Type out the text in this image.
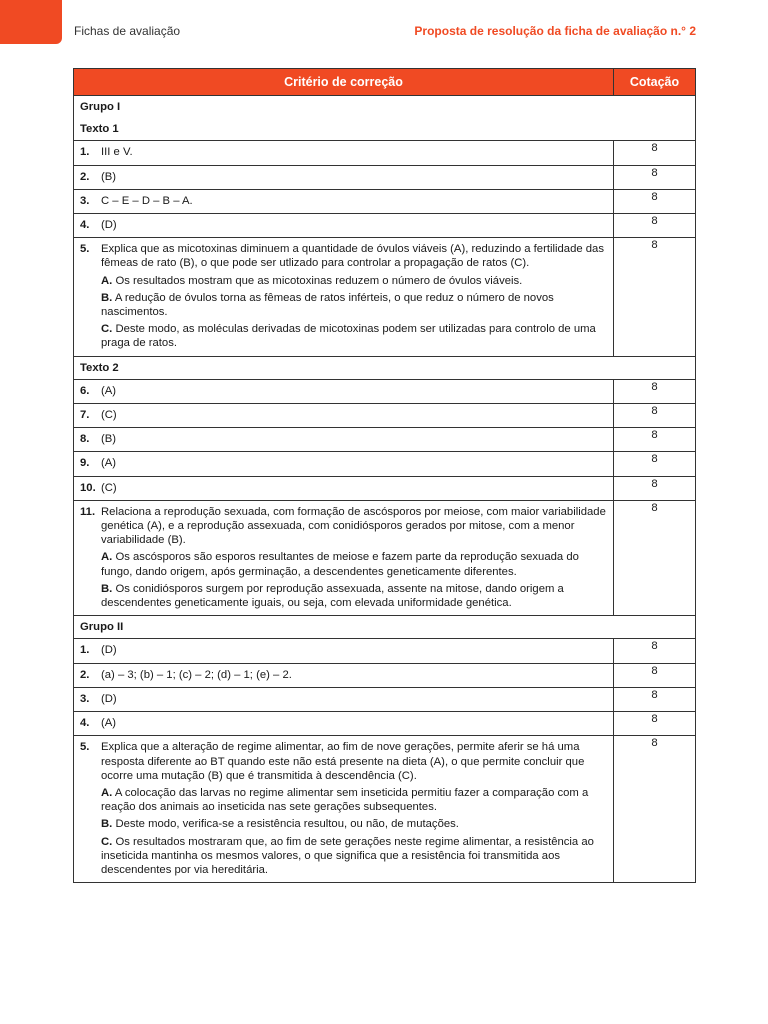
Fichas de avaliação	Proposta de resolução da ficha de avaliação n.° 2
Critério de correção	Cotação
Grupo I	
Texto 1	

1. III e V.	8

2. (B)	8

3. C – E – D – B – A.	8

4. (D)	8

5. Explica que as micotoxinas diminuem a quantidade de óvulos viáveis (A), reduzindo a fertilidade das fêmeas de rato (B), o que pode ser utlizado para controlar a propagação de ratos (C).
A. Os resultados mostram que as micotoxinas reduzem o número de óvulos viáveis.
B. A redução de óvulos torna as fêmeas de ratos inférteis, o que reduz o número de novos nascimentos.
C. Deste modo, as moléculas derivadas de micotoxinas podem ser utilizadas para controlo de uma praga de ratos.	8
Texto 2	

6. (A)	8

7. (C)	8

8. (B)	8

9. (A)	8

10. (C)	8

11. Relaciona a reprodução sexuada, com formação de ascósporos por meiose, com maior variabilidade genética (A), e a reprodução assexuada, com conidiósporos gerados por mitose, com a menor variabilidade (B).
A. Os ascósporos são esporos resultantes de meiose e fazem parte da reprodução sexuada do fungo, dando origem, após germinação, a descendentes geneticamente diferentes.
B. Os conidiósporos surgem por reprodução assexuada, assente na mitose, dando origem a descendentes geneticamente iguais, ou seja, com elevada uniformidade genética.	8
Grupo II	

1. (D)	8

2. (a) – 3; (b) – 1; (c) – 2; (d) – 1; (e) – 2.	8

3. (D)	8

4. (A)	8

5. Explica que a alteração de regime alimentar, ao fim de nove gerações, permite aferir se há uma resposta diferente ao BT quando este não está presente na dieta (A), o que permite concluir que ocorre uma mutação (B) que é transmitida à descendência (C).
A. A colocação das larvas no regime alimentar sem inseticida permitiu fazer a comparação com a reação dos animais ao inseticida nas sete gerações subsequentes.
B. Deste modo, verifica-se a resistência resultou, ou não, de mutações.
C. Os resultados mostraram que, ao fim de sete gerações neste regime alimentar, a resistência ao inseticida mantinha os mesmos valores, o que significa que a resistência foi transmitida aos descendentes por via hereditária.	8
